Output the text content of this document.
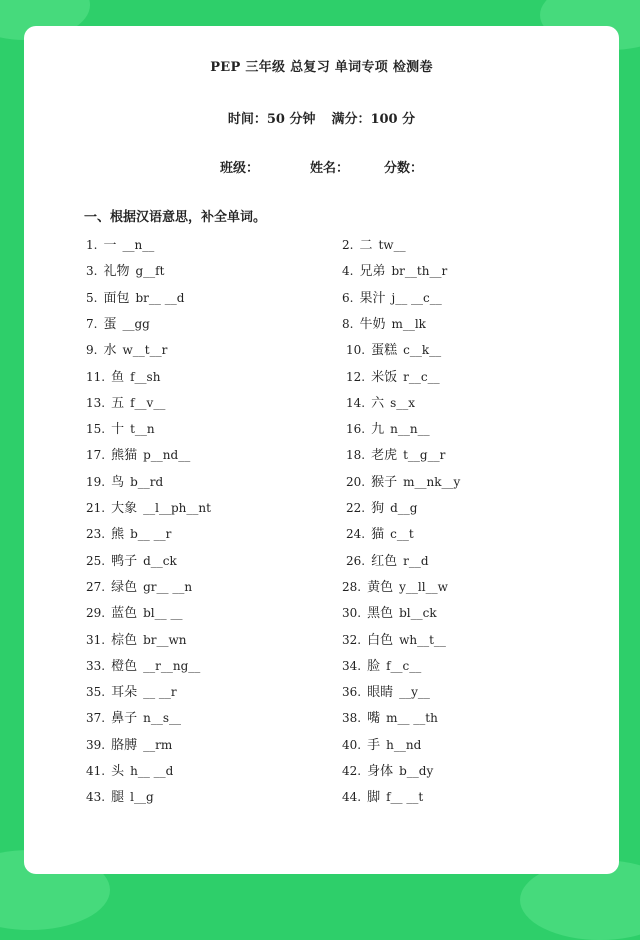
PEP 三年级 总复习 单词专项 检测卷
时间：50 分钟 满分：100 分
班级：	姓名：	分数：
一、根据汉语意思，补全单词。
1. 一 __n__	2. 二 tw__
3. 礼物 g__ft	4. 兄弟 br__th__r
5. 面包 br__ __d	6. 果汁 j__ __c__
7. 蛋 __gg	8. 牛奶 m__lk
9. 水 w__t__r	10. 蛋糕 c__k__
11. 鱼 f__sh	12. 米饭 r__c__
13. 五 f__v__	14. 六 s__x
15. 十 t__n	16. 九 n__n__
17. 熊猫 p__nd__	18. 老虎 t__g__r
19. 鸟 b__rd	20. 猴子 m__nk__y
21. 大象 __l__ph__nt	22. 狗 d__g
23. 熊 b__ __r	24. 猫 c__t
25. 鸭子 d__ck	26. 红色 r__d
27. 绿色 gr__ __n	28. 黄色 y__ll__w
29. 蓝色 bl__ __	30. 黑色 bl__ck
31. 棕色 br__wn	32. 白色 wh__t__
33. 橙色 __r__ng__	34. 脸 f__c__
35. 耳朵 __ __r	36. 眼睛 __y__
37. 鼻子 n__s__	38. 嘴 m__ __th
39. 胳膊 __rm	40. 手 h__nd
41. 头 h__ __d	42. 身体 b__dy
43. 腿 l__g	44. 脚 f__ __t
